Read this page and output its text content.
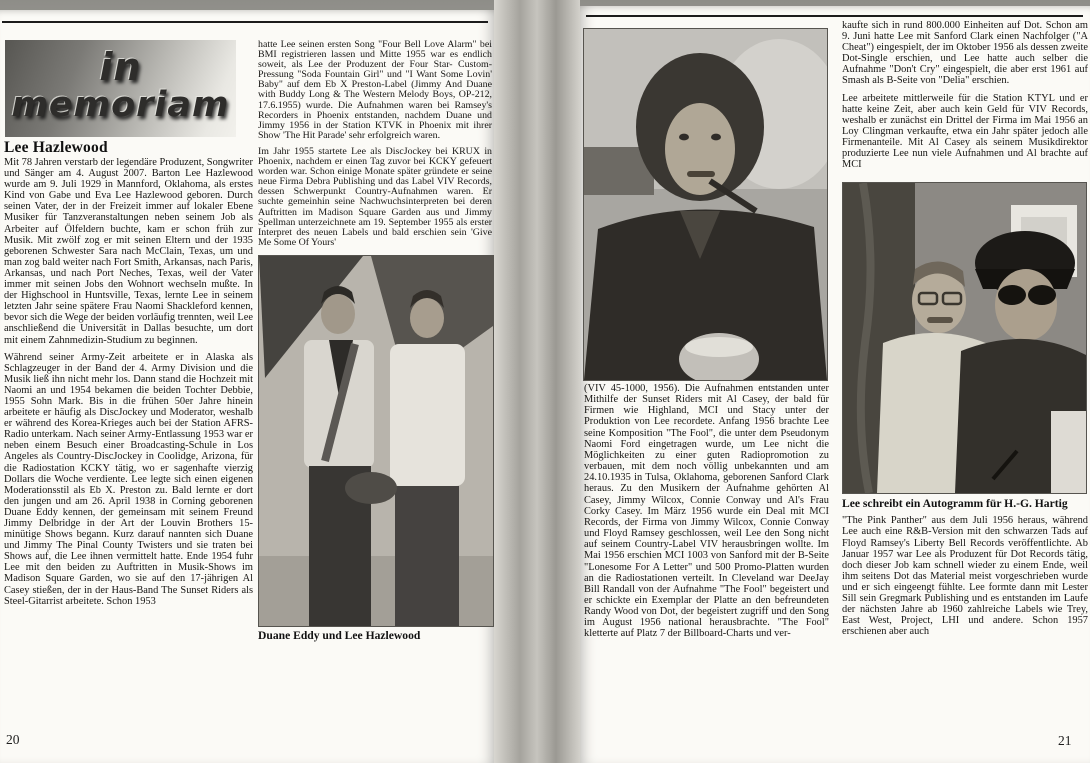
in
memoriam
Lee Hazlewood

Mit 78 Jahren verstarb der legendäre Produzent, Songwriter und Sänger am 4. August 2007. Barton Lee Hazlewood wurde am 9. Juli 1929 in Mannford, Oklahoma, als erstes Kind von Gabe und Eva Lee Hazlewood geboren. Durch seinen Vater, der in der Freizeit immer auf lokaler Ebene Musiker für Tanzveranstaltungen neben seinem Job als Arbeiter auf Ölfeldern buchte, kam er schon früh zur Musik. Mit zwölf zog er mit seinen Eltern und der 1935 geborenen Schwester Sara nach McClain, Texas, um und man zog bald weiter nach Fort Smith, Arkansas, nach Paris, Arkansas, und nach Port Neches, Texas, weil der Vater immer mit seinen Jobs den Wohnort wechseln mußte. In der Highschool in Huntsville, Texas, lernte Lee in seinem letzten Jahr seine spätere Frau Naomi Shackleford kennen, bevor sich die Wege der beiden vorläufig trennten, weil Lee anschließend die Universität in Dallas besuchte, um dort mit einem Zahnmedizin-Studium zu beginnen.

Während seiner Army-Zeit arbeitete er in Alaska als Schlagzeuger in der Band der 4. Army Division und die Musik ließ ihn nicht mehr los. Dann stand die Hochzeit mit Naomi an und 1954 bekamen die beiden Tochter Debbie, 1955 Sohn Mark. Bis in die frühen 50er Jahre hinein arbeitete er häufig als DiscJockey und Moderator, weshalb er während des Korea-Krieges auch bei der Station AFRS-Radio unterkam. Nach seiner Army-Entlassung 1953 war er neben einem Besuch einer Broadcasting-Schule in Los Angeles als Country-DiscJockey in Coolidge, Arizona, für die Radiostation KCKY tätig, wo er sagenhafte vierzig Dollars die Woche verdiente. Lee legte sich einen eigenen Moderationsstil als Eb X. Preston zu. Bald lernte er dort den jungen und am 26. April 1938 in Corning geborenen Duane Eddy kennen, der gemeinsam mit seinem Freund Jimmy Delbridge in der Art der Louvin Brothers 15-minütige Shows begann. Kurz darauf nannten sich Duane und Jimmy The Pinal County Twisters und sie traten bei Shows auf, die Lee ihnen vermittelt hatte. Ende 1954 fuhr Lee mit den beiden zu Auftritten in Musik-Shows im Madison Square Garden, wo sie auf den 17-jährigen Al Casey stießen, der in der Haus-Band The Sunset Riders als Steel-Gitarrist arbeitete. Schon 1953

hatte Lee seinen ersten Song "Four Bell Love Alarm" bei BMI registrieren lassen und Mitte 1955 war es endlich soweit, als Lee der Produzent der Four Star- Custom-Pressung "Soda Fountain Girl" und "I Want Some Lovin' Baby" auf dem Eb X Preston-Label (Jimmy And Duane with Buddy Long & The Western Melody Boys, OP-212, 17.6.1955) wurde. Die Aufnahmen waren bei Ramsey's Recorders in Phoenix entstanden, nachdem Duane und Jimmy 1956 in der Station KTVK in Phoenix mit ihrer Show 'The Hit Parade' sehr erfolgreich waren.

Im Jahr 1955 startete Lee als DiscJockey bei KRUX in Phoenix, nachdem er einen Tag zuvor bei KCKY gefeuert worden war. Schon einige Monate später gründete er seine neue Firma Debra Publishing und das Label VIV Records, dessen Schwerpunkt Country-Aufnahmen waren. Er suchte gemeinhin seine Nachwuchsinterpreten bei deren Auftritten im Madison Square Garden aus und Jimmy Spellman unterzeichnete am 19. September 1955 als erster Interpret des neuen Labels und bald erschien sein 'Give Me Some Of Yours'

Duane Eddy und Lee Hazlewood
20

(VIV 45-1000, 1956). Die Aufnahmen entstanden unter Mithilfe der Sunset Riders mit Al Casey, der bald für Firmen wie Highland, MCI und Stacy unter der Produktion von Lee recordete. Anfang 1956 brachte Lee seine Komposition "The Fool", die unter dem Pseudonym Naomi Ford eingetragen wurde, um Lee nicht die Möglichkeiten zu einer guten Radiopromotion zu verbauen, mit dem noch völlig unbekannten und am 24.10.1935 in Tulsa, Oklahoma, geborenen Sanford Clark heraus. Zu den Musikern der Aufnahme gehörten Al Casey, Jimmy Wilcox, Connie Conway und Al's Frau Corky Casey. Im März 1956 wurde ein Deal mit MCI Records, der Firma von Jimmy Wilcox, Connie Conway und Floyd Ramsey geschlossen, weil Lee den Song nicht auf seinem Country-Label VIV herausbringen wollte. Im Mai 1956 erschien MCI 1003 von Sanford mit der B-Seite "Lonesome For A Letter" und 500 Promo-Platten wurden an die Radiostationen verteilt. In Cleveland war DeeJay Bill Randall von der Aufnahme "The Fool" begeistert und er schickte ein Exemplar der Platte an den befreundeten Randy Wood von Dot, der begeistert zugriff und den Song im August 1956 national herausbrachte. "The Fool" kletterte auf Platz 7 der Billboard-Charts und ver-

kaufte sich in rund 800.000 Einheiten auf Dot. Schon am 9. Juni hatte Lee mit Sanford Clark einen Nachfolger ("A Cheat") eingespielt, der im Oktober 1956 als dessen zweite Dot-Single erschien, und Lee hatte auch selber die Aufnahme "Don't Cry" eingespielt, die aber erst 1961 auf Smash als B-Seite von "Delia" erschien.

Lee arbeitete mittlerweile für die Station KTYL und er hatte keine Zeit, aber auch kein Geld für VIV Records, weshalb er zunächst ein Drittel der Firma im Mai 1956 an Loy Clingman verkaufte, etwa ein Jahr später jedoch alle Firmenanteile. Mit Al Casey als seinem Musikdirektor produzierte Lee nun viele Aufnahmen und Al brachte auf MCI

Lee schreibt ein Autogramm für H.-G. Hartig

"The Pink Panther" aus dem Juli 1956 heraus, während Lee auch eine R&B-Version mit den schwarzen Tads auf Floyd Ramsey's Liberty Bell Records veröffentlichte. Ab Januar 1957 war Lee als Produzent für Dot Records tätig, doch dieser Job kam schnell wieder zu einem Ende, weil ihm seitens Dot das Material meist vorgeschrieben wurde und er sich eingeengt fühlte. Lee formte dann mit Lester Sill sein Gregmark Publishing und es entstanden im Laufe der nächsten Jahre ab 1960 zahlreiche Labels wie Trey, East West, Project, LHI und andere. Schon 1957 erschienen aber auch

21
